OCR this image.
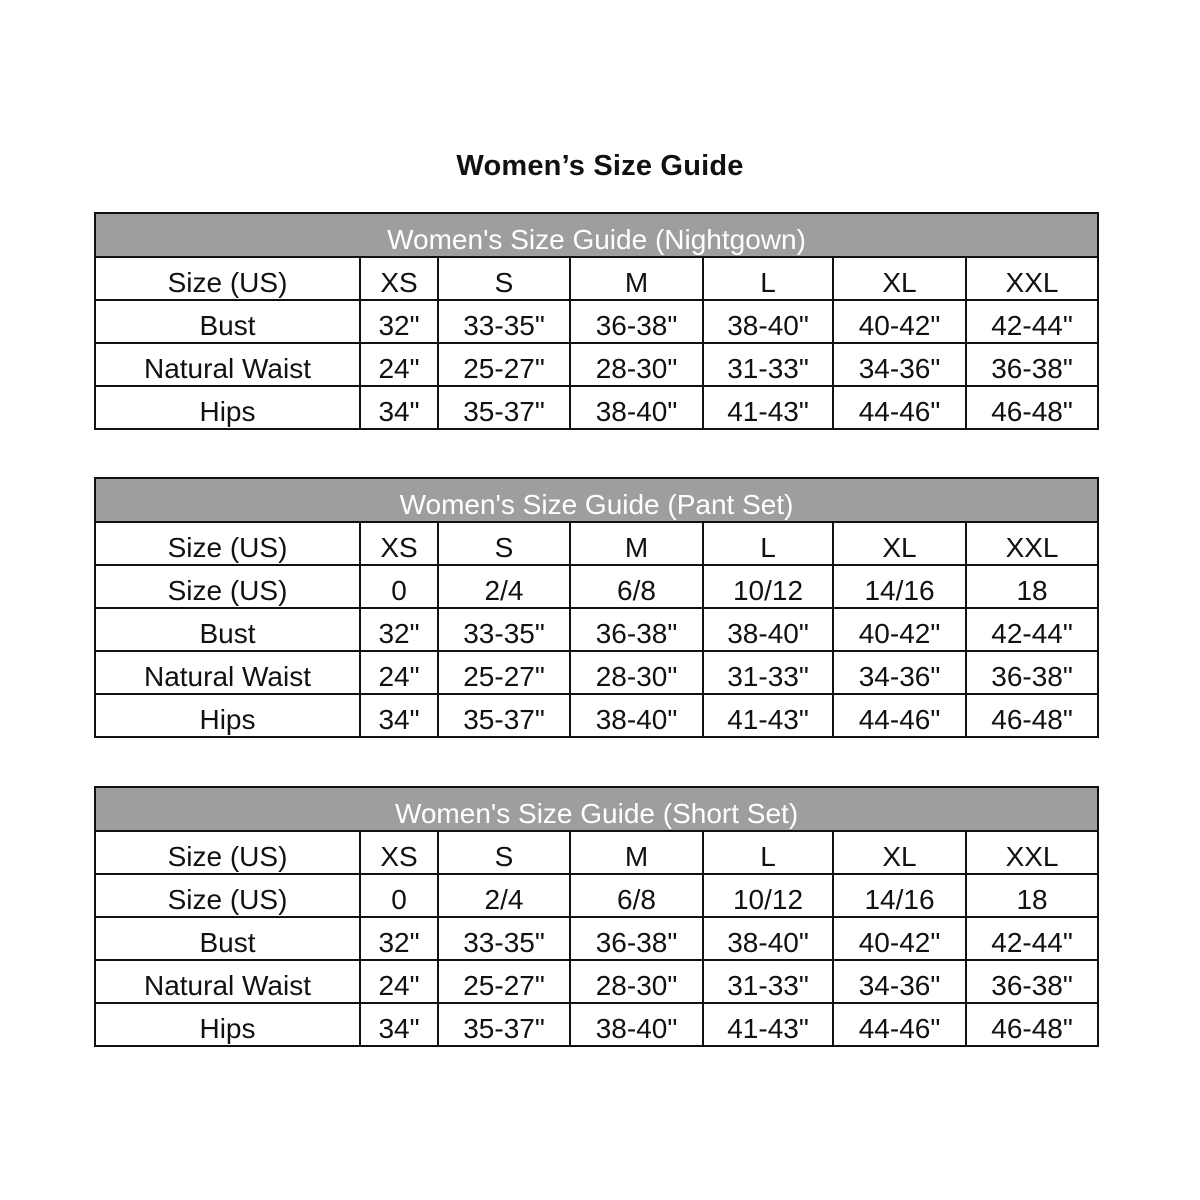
Women’s Size Guide
Women's Size Guide (Nightgown)						
Size (US)	XS	S	M	L	XL	XXL
Bust	32"	33-35"	36-38"	38-40"	40-42"	42-44"
Natural Waist	24"	25-27"	28-30"	31-33"	34-36"	36-38"
Hips	34"	35-37"	38-40"	41-43"	44-46"	46-48"
Women's Size Guide (Pant Set)						
Size (US)	XS	S	M	L	XL	XXL
Size (US)	0	2/4	6/8	10/12	14/16	18
Bust	32"	33-35"	36-38"	38-40"	40-42"	42-44"
Natural Waist	24"	25-27"	28-30"	31-33"	34-36"	36-38"
Hips	34"	35-37"	38-40"	41-43"	44-46"	46-48"
Women's Size Guide (Short Set)						
Size (US)	XS	S	M	L	XL	XXL
Size (US)	0	2/4	6/8	10/12	14/16	18
Bust	32"	33-35"	36-38"	38-40"	40-42"	42-44"
Natural Waist	24"	25-27"	28-30"	31-33"	34-36"	36-38"
Hips	34"	35-37"	38-40"	41-43"	44-46"	46-48"
